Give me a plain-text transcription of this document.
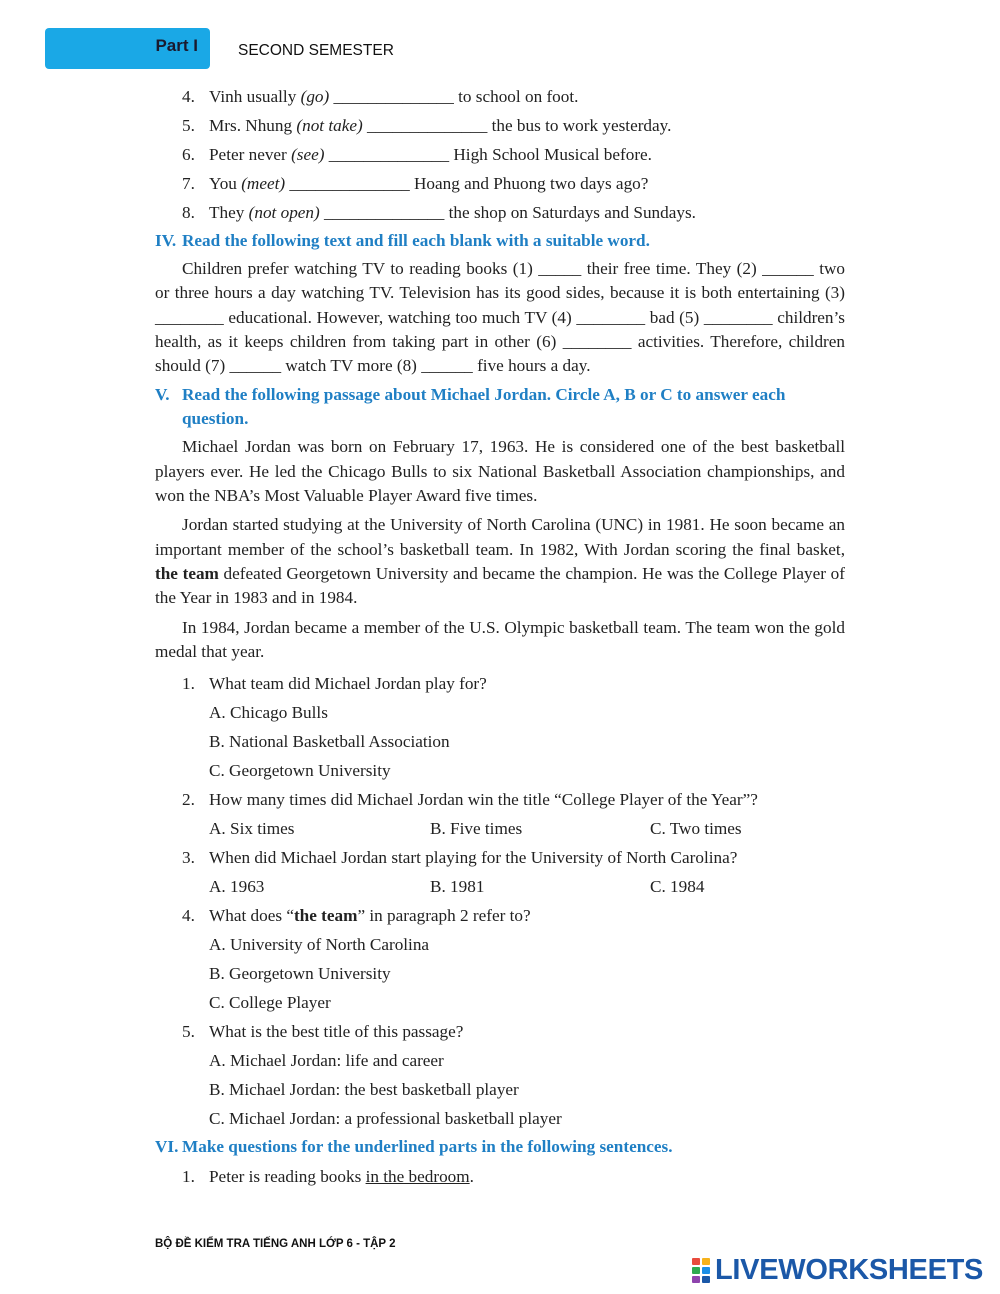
Part I	SECOND SEMESTER
4. Vinh usually (go) ______________ to school on foot.
5. Mrs. Nhung (not take) ______________ the bus to work yesterday.
6. Peter never (see) ______________ High School Musical before.
7. You (meet) ______________ Hoang and Phuong two days ago?
8. They (not open) ______________ the shop on Saturdays and Sundays.
IV. Read the following text and fill each blank with a suitable word.
Children prefer watching TV to reading books (1) _____ their free time. They (2) ______ two or three hours a day watching TV. Television has its good sides, because it is both entertaining (3) ________ educational. However, watching too much TV (4) ________ bad (5) ________ children’s health, as it keeps children from taking part in other (6) ________ activities. Therefore, children should (7) ______ watch TV more (8) ______ five hours a day.
V. Read the following passage about Michael Jordan. Circle A, B or C to answer each question.
Michael Jordan was born on February 17, 1963. He is considered one of the best basketball players ever. He led the Chicago Bulls to six National Basketball Association championships, and won the NBA’s Most Valuable Player Award five times.
Jordan started studying at the University of North Carolina (UNC) in 1981. He soon became an important member of the school’s basketball team. In 1982, With Jordan scoring the final basket, the team defeated Georgetown University and became the champion. He was the College Player of the Year in 1983 and in 1984.
In 1984, Jordan became a member of the U.S. Olympic basketball team. The team won the gold medal that year.
1. What team did Michael Jordan play for?
A. Chicago Bulls
B. National Basketball Association
C. Georgetown University
2. How many times did Michael Jordan win the title “College Player of the Year”?
A. Six times	B. Five times	C. Two times
3. When did Michael Jordan start playing for the University of North Carolina?
A. 1963	B. 1981	C. 1984
4. What does “the team” in paragraph 2 refer to?
A. University of North Carolina
B. Georgetown University
C. College Player
5. What is the best title of this passage?
A. Michael Jordan: life and career
B. Michael Jordan: the best basketball player
C. Michael Jordan: a professional basketball player
VI. Make questions for the underlined parts in the following sentences.
1. Peter is reading books in the bedroom.
BỘ ĐỀ KIỂM TRA TIẾNG ANH LỚP 6 - TẬP 2
LIVEWORKSHEETS
